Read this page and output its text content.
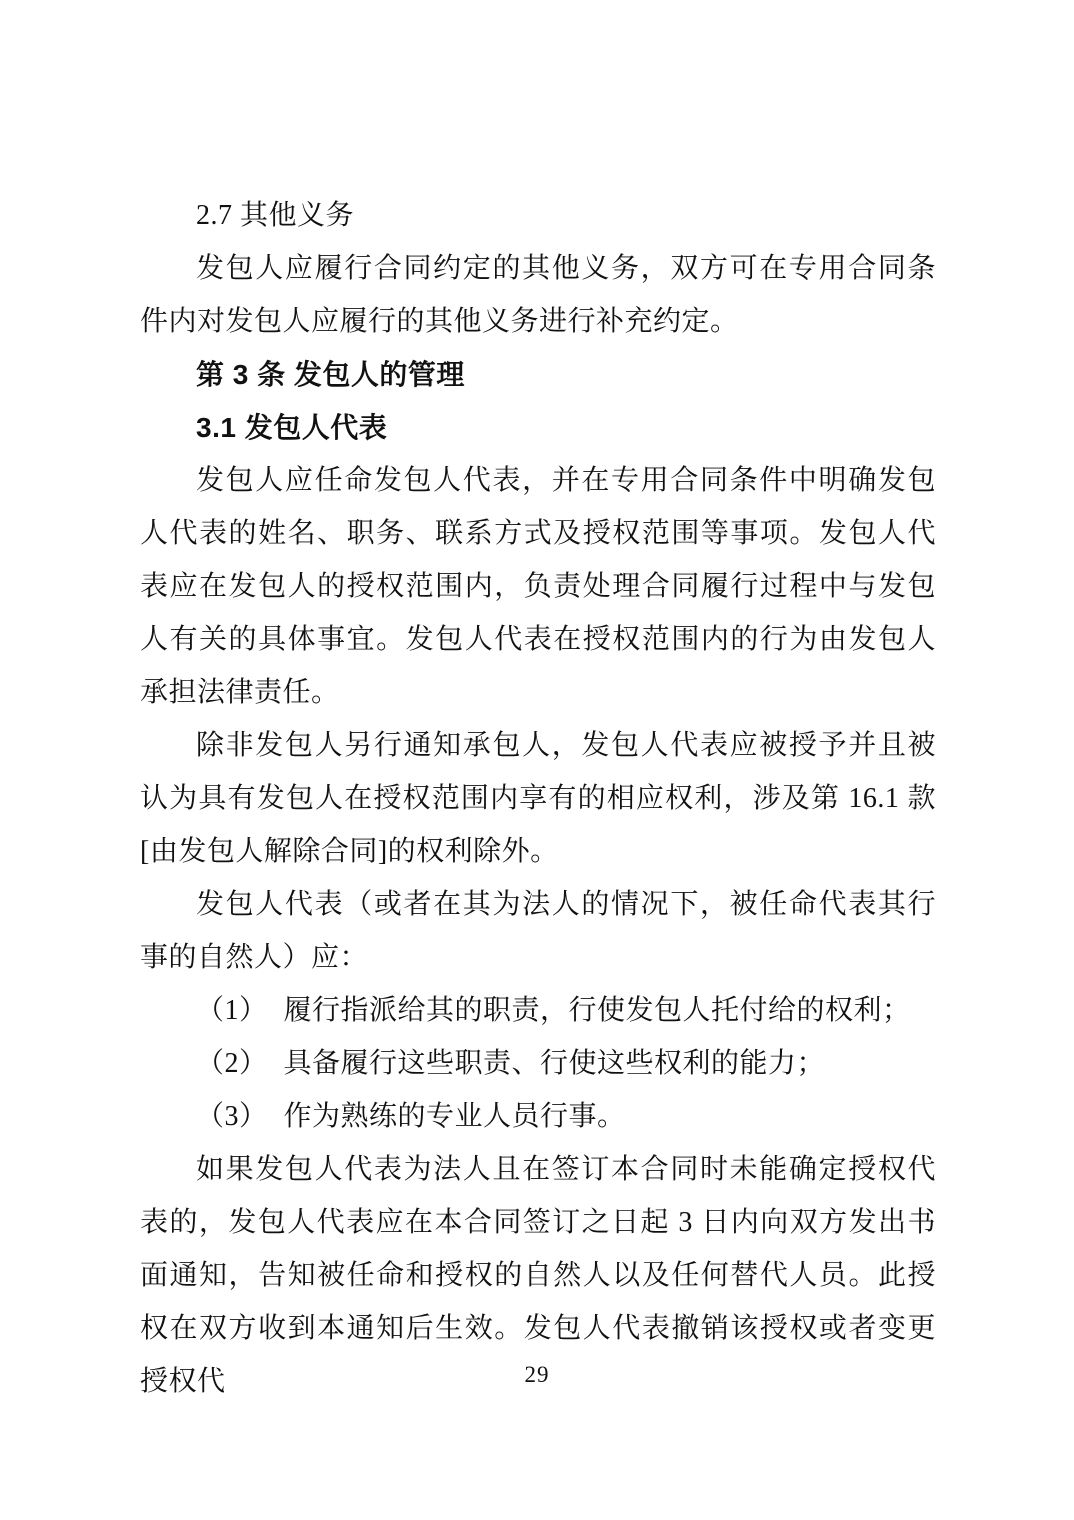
2.7 其他义务

发包人应履行合同约定的其他义务，双方可在专用合同条件内对发包人应履行的其他义务进行补充约定。

第 3 条 发包人的管理

3.1 发包人代表

发包人应任命发包人代表，并在专用合同条件中明确发包人代表的姓名、职务、联系方式及授权范围等事项。发包人代表应在发包人的授权范围内，负责处理合同履行过程中与发包人有关的具体事宜。发包人代表在授权范围内的行为由发包人承担法律责任。

除非发包人另行通知承包人，发包人代表应被授予并且被认为具有发包人在授权范围内享有的相应权利，涉及第 16.1 款[由发包人解除合同]的权利除外。

发包人代表（或者在其为法人的情况下，被任命代表其行事的自然人）应：

（1） 履行指派给其的职责，行使发包人托付给的权利；

（2） 具备履行这些职责、行使这些权利的能力；

（3） 作为熟练的专业人员行事。

如果发包人代表为法人且在签订本合同时未能确定授权代表的，发包人代表应在本合同签订之日起 3 日内向双方发出书面通知，告知被任命和授权的自然人以及任何替代人员。此授权在双方收到本通知后生效。发包人代表撤销该授权或者变更授权代	29
